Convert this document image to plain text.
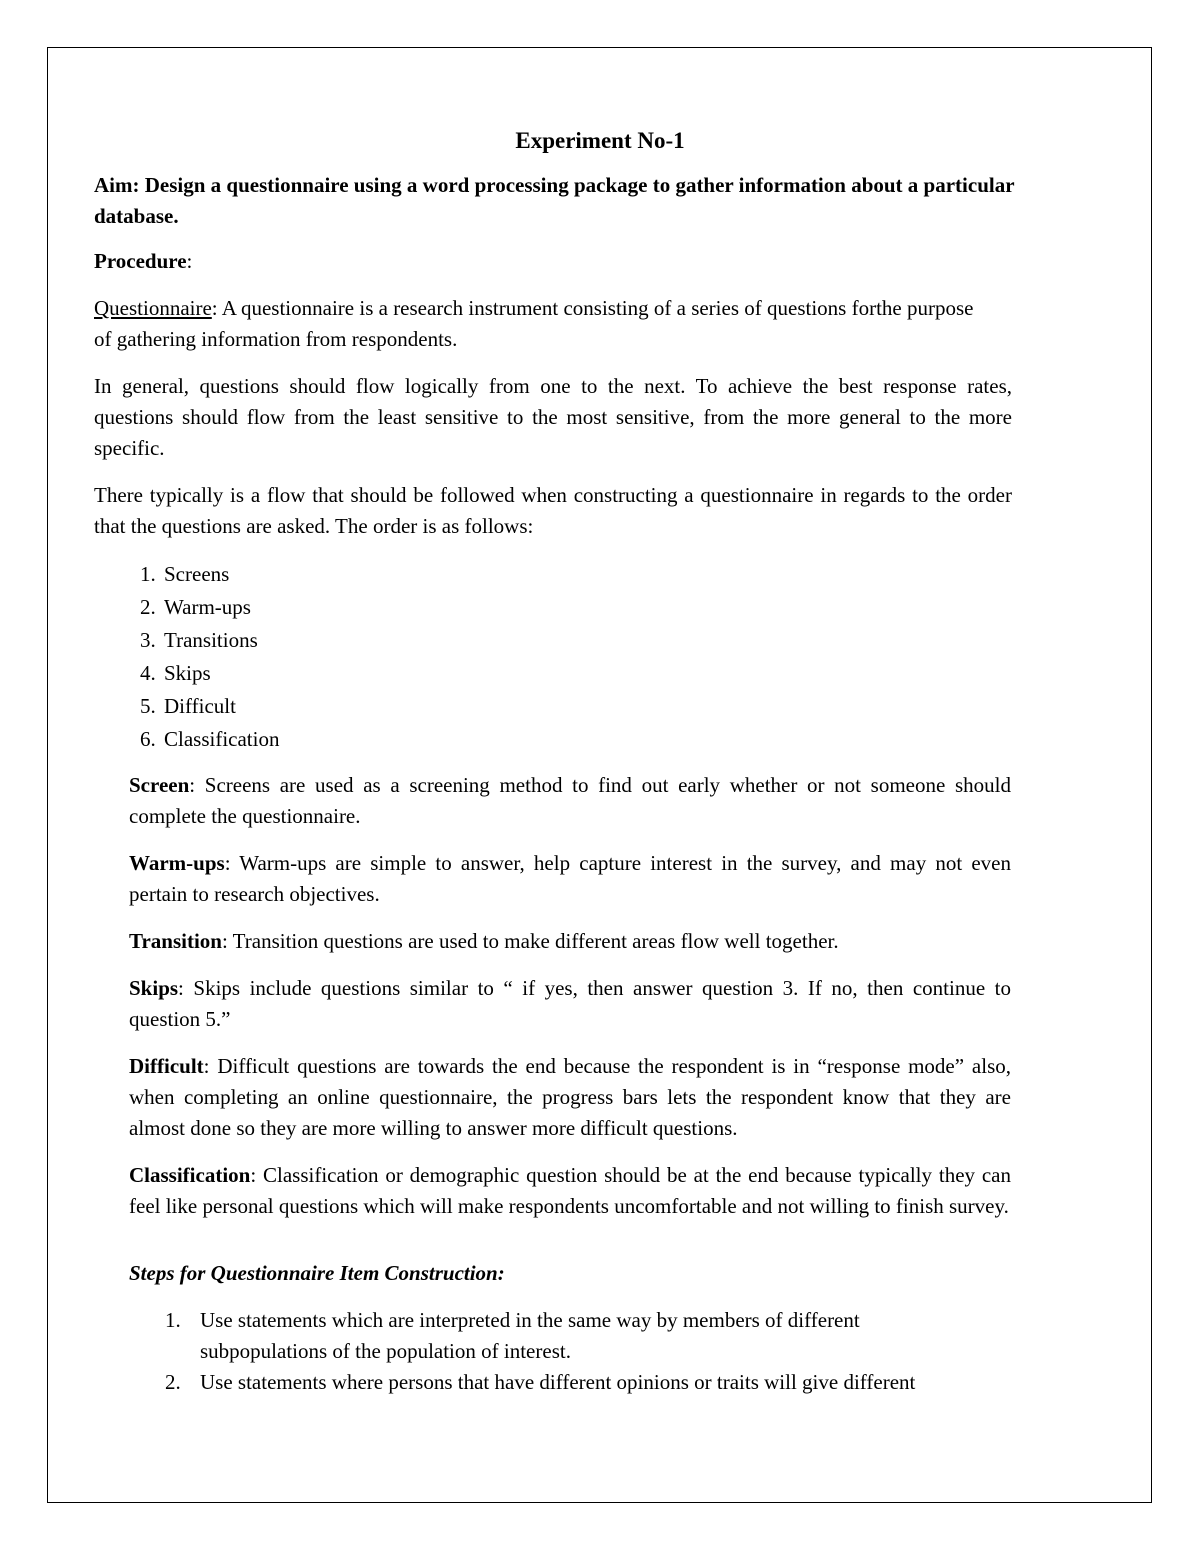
Experiment No-1

Aim: Design a questionnaire using a word processing package to gather information about a particular database.

Procedure:

Questionnaire: A questionnaire is a research instrument consisting of a series of questions forthe purpose
of gathering information from respondents.

In general, questions should flow logically from one to the next. To achieve the best response rates, questions should flow from the least sensitive to the most sensitive, from the more general to the more specific.

There typically is a flow that should be followed when constructing a questionnaire in regards to the order that the questions are asked. The order is as follows:

1. Screens
2. Warm-ups
3. Transitions
4. Skips
5. Difficult
6. Classification

Screen: Screens are used as a screening method to find out early whether or not someone should complete the questionnaire.

Warm-ups: Warm-ups are simple to answer, help capture interest in the survey, and may not even pertain to research objectives.

Transition: Transition questions are used to make different areas flow well together.

Skips: Skips include questions similar to “ if yes, then answer question 3. If no, then continue to question 5.”

Difficult: Difficult questions are towards the end because the respondent is in “response mode” also, when completing an online questionnaire, the progress bars lets the respondent know that they are almost done so they are more willing to answer more difficult questions.

Classification: Classification or demographic question should be at the end because typically they can feel like personal questions which will make respondents uncomfortable and not willing to finish survey.

Steps for Questionnaire Item Construction:

1. Use statements which are interpreted in the same way by members of different subpopulations of the population of interest.
2. Use statements where persons that have different opinions or traits will give different
